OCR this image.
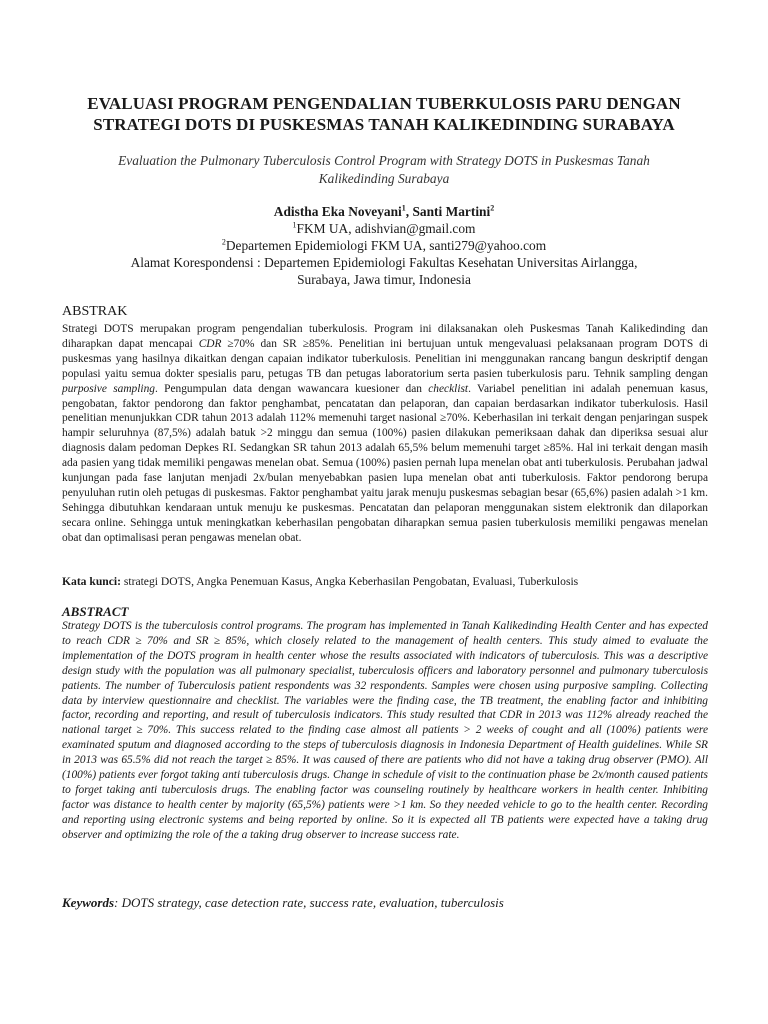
EVALUASI PROGRAM PENGENDALIAN TUBERKULOSIS PARU DENGAN
STRATEGI DOTS DI PUSKESMAS TANAH KALIKEDINDING SURABAYA
Evaluation the Pulmonary Tuberculosis Control Program with Strategy DOTS in Puskesmas Tanah Kalikedinding Surabaya
Adistha Eka Noveyani$^1$, Santi Martini$^2$
$^1$FKM UA, adishvian@gmail.com
$^2$Departemen Epidemiologi FKM UA, santi279@yahoo.com
Alamat Korespondensi : Departemen Epidemiologi Fakultas Kesehatan Universitas Airlangga,
Surabaya, Jawa timur, Indonesia
ABSTRAK
Strategi DOTS merupakan program pengendalian tuberkulosis. Program ini dilaksanakan oleh Puskesmas Tanah Kalikedinding dan diharapkan dapat mencapai CDR ≥70% dan SR ≥85%. Penelitian ini bertujuan untuk mengevaluasi pelaksanaan program DOTS di puskesmas yang hasilnya dikaitkan dengan capaian indikator tuberkulosis. Penelitian ini menggunakan rancang bangun deskriptif dengan populasi yaitu semua dokter spesialis paru, petugas TB dan petugas laboratorium serta pasien tuberkulosis paru. Tehnik sampling dengan purposive sampling. Pengumpulan data dengan wawancara kuesioner dan checklist. Variabel penelitian ini adalah penemuan kasus, pengobatan, faktor pendorong dan faktor penghambat, pencatatan dan pelaporan, dan capaian berdasarkan indikator tuberkulosis. Hasil penelitian menunjukkan CDR tahun 2013 adalah 112% memenuhi target nasional ≥70%. Keberhasilan ini terkait dengan penjaringan suspek hampir seluruhnya (87,5%) adalah batuk >2 minggu dan semua (100%) pasien dilakukan pemeriksaan dahak dan diperiksa sesuai alur diagnosis dalam pedoman Depkes RI. Sedangkan SR tahun 2013 adalah 65,5% belum memenuhi target ≥85%. Hal ini terkait dengan masih ada pasien yang tidak memiliki pengawas menelan obat. Semua (100%) pasien pernah lupa menelan obat anti tuberkulosis. Perubahan jadwal kunjungan pada fase lanjutan menjadi 2x/bulan menyebabkan pasien lupa menelan obat anti tuberkulosis. Faktor pendorong berupa penyuluhan rutin oleh petugas di puskesmas. Faktor penghambat yaitu jarak menuju puskesmas sebagian besar (65,6%) pasien adalah >1 km. Sehingga dibutuhkan kendaraan untuk menuju ke puskesmas. Pencatatan dan pelaporan menggunakan sistem elektronik dan dilaporkan secara online. Sehingga untuk meningkatkan keberhasilan pengobatan diharapkan semua pasien tuberkulosis memiliki pengawas menelan obat dan optimalisasi peran pengawas menelan obat.
Kata kunci: strategi DOTS, Angka Penemuan Kasus, Angka Keberhasilan Pengobatan, Evaluasi, Tuberkulosis
ABSTRACT
Strategy DOTS is the tuberculosis control programs. The program has implemented in Tanah Kalikedinding Health Center and has expected to reach CDR ≥ 70% and SR ≥ 85%, which closely related to the management of health centers. This study aimed to evaluate the implementation of the DOTS program in health center whose the results associated with indicators of tuberculosis. This was a descriptive design study with the population was all pulmonary specialist, tuberculosis officers and laboratory personnel and pulmonary tuberculosis patients. The number of Tuberculosis patient respondents was 32 respondents. Samples were chosen using purposive sampling. Collecting data by interview questionnaire and checklist. The variables were the finding case, the TB treatment, the enabling factor and inhibiting factor, recording and reporting, and result of tuberculosis indicators. This study resulted that CDR in 2013 was 112% already reached the national target ≥ 70%. This success related to the finding case almost all patients > 2 weeks of cought and all (100%) patients were examinated sputum and diagnosed according to the steps of tuberculosis diagnosis in Indonesia Department of Health guidelines. While SR in 2013 was 65.5% did not reach the target ≥ 85%. It was caused of there are patients who did not have a taking drug observer (PMO). All (100%) patients ever forgot taking anti tuberculosis drugs. Change in schedule of visit to the continuation phase be 2x/month caused patients to forget taking anti tuberculosis drugs. The enabling factor was counseling routinely by healthcare workers in health center. Inhibiting factor was distance to health center by majority (65,5%) patients were >1 km. So they needed vehicle to go to the health center. Recording and reporting using electronic systems and being reported by online. So it is expected all TB patients were expected have a taking drug observer and optimizing the role of the a taking drug observer to increase success rate.
Keywords: DOTS strategy, case detection rate, success rate, evaluation, tuberculosis
